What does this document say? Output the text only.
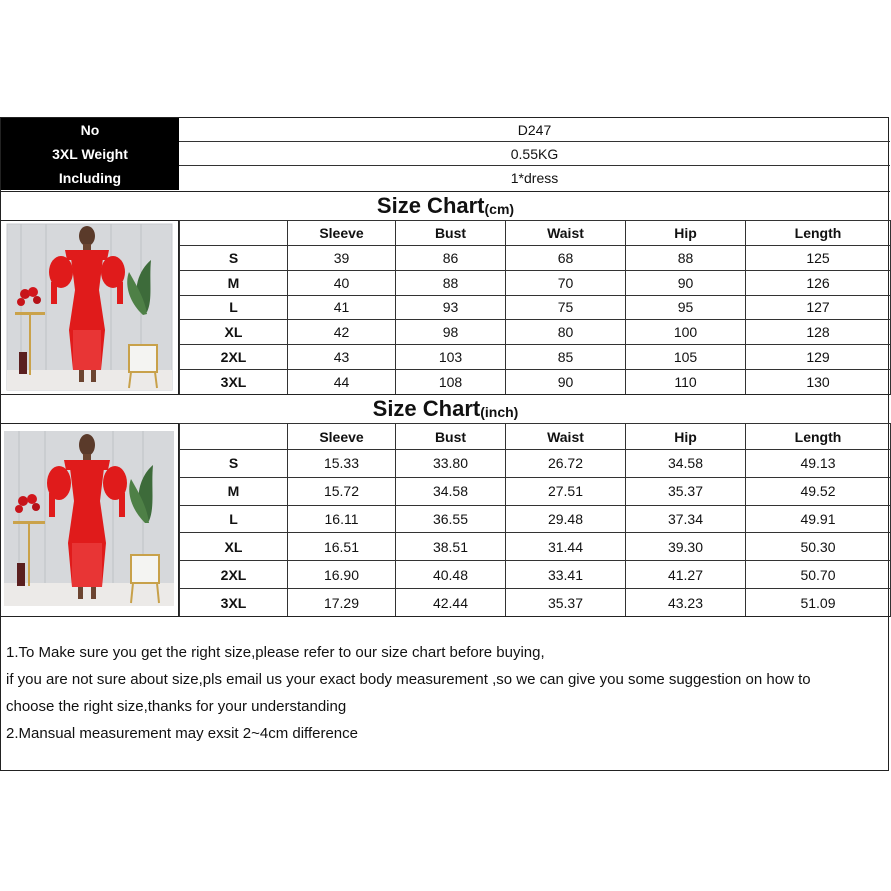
No	D247
3XL Weight	0.55KG
Including	1*dress
Size Chart (cm)
	Sleeve	Bust	Waist	Hip	Length
S	39	86	68	88	125
M	40	88	70	90	126
L	41	93	75	95	127
XL	42	98	80	100	128
2XL	43	103	85	105	129
3XL	44	108	90	110	130
Size Chart (inch)
	Sleeve	Bust	Waist	Hip	Length
S	15.33	33.80	26.72	34.58	49.13
M	15.72	34.58	27.51	35.37	49.52
L	16.11	36.55	29.48	37.34	49.91
XL	16.51	38.51	31.44	39.30	50.30
2XL	16.90	40.48	33.41	41.27	50.70
3XL	17.29	42.44	35.37	43.23	51.09

1.To Make sure you get the right size,please refer to our size chart before buying,

if you are not sure about size,pls email us your exact body measurement ,so we can give you some suggestion on how to

choose the right size,thanks for your understanding

2.Mansual measurement may exsit 2~4cm difference
